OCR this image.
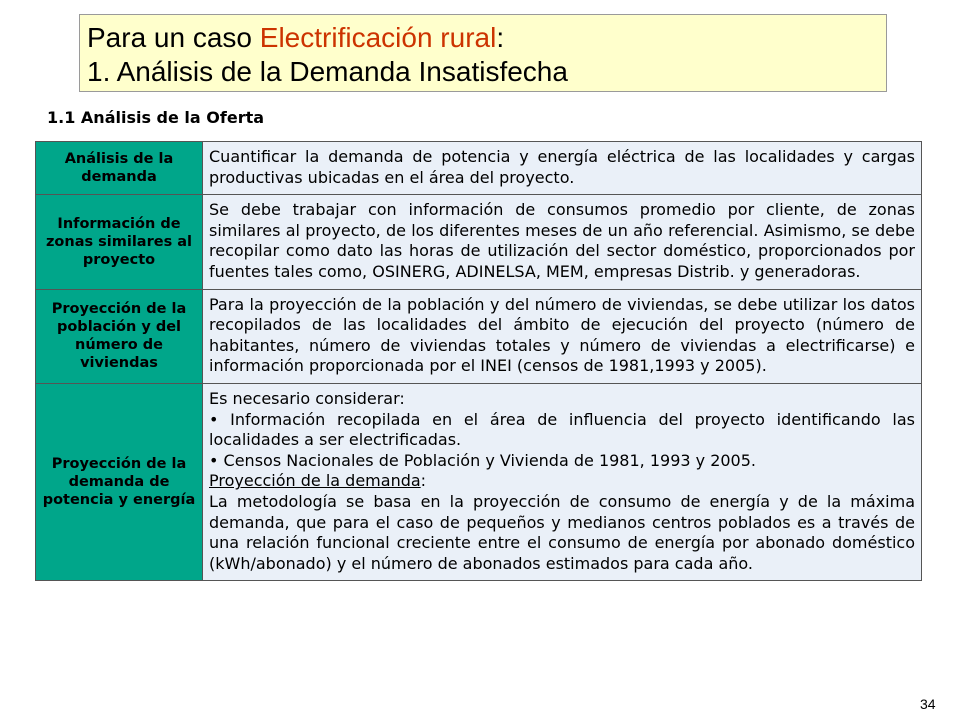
Para un caso Electrificación rural:
1. Análisis de la Demanda Insatisfecha
1.1 Análisis de la Oferta
Análisis de la demanda	Cuantificar la demanda de potencia y energía eléctrica de las localidades y cargas productivas ubicadas en el área del proyecto.
Información de zonas similares al proyecto	Se debe trabajar con información de consumos promedio por cliente, de zonas similares al proyecto, de los diferentes meses de un año referencial. Asimismo, se debe recopilar como dato las horas de utilización del sector doméstico, proporcionados por fuentes tales como, OSINERG, ADINELSA, MEM, empresas Distrib. y generadoras.
Proyección de la población y del número de viviendas	Para la proyección de la población y del número de viviendas, se debe utilizar los datos recopilados de las localidades del ámbito de ejecución del proyecto (número de habitantes, número de viviendas totales y número de viviendas a electrificarse) e información proporcionada por el INEI (censos de 1981,1993 y 2005).
Proyección de la demanda de potencia y energía	Es necesario considerar:

• Información recopilada en el área de influencia del proyecto identificando las localidades a ser electrificadas.

• Censos Nacionales de Población y Vivienda de 1981, 1993 y 2005.

Proyección de la demanda:

La metodología se basa en la proyección de consumo de energía y de la máxima demanda, que para el caso de pequeños y medianos centros poblados es a través de una relación funcional creciente entre el consumo de energía por abonado doméstico (kWh/abonado) y el número de abonados estimados para cada año.

34
